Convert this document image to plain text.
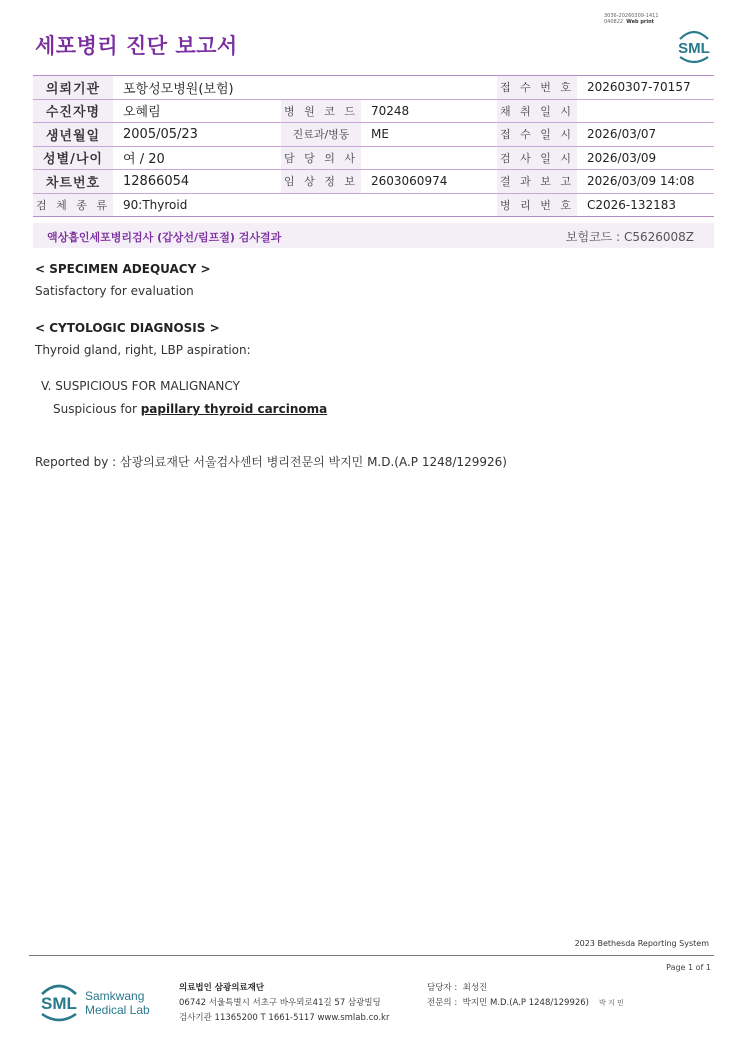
세포병리 진단 보고서
3036-20260309-1411
040822 Web print
SML
의뢰기관	포항성모병원(보험)			접 수 번 호	20260307-70157
수진자명	오혜림	병 원 코 드	70248	채 취 일 시	
생년월일	2005/05/23	진료과/병동	ME	접 수 일 시	2026/03/07
성별/나이	여 / 20	담 당 의 사		검 사 일 시	2026/03/09
차트번호	12866054	임 상 정 보	2603060974	결 과 보 고	2026/03/09 14:08
검 체 종 류	90:Thyroid			병 리 번 호	C2026-132183
액상흡인세포병리검사 (갑상선/림프절) 검사결과	보험코드 : C5626008Z
< SPECIMEN ADEQUACY >
Satisfactory for evaluation
< CYTOLOGIC DIAGNOSIS >
Thyroid gland, right, LBP aspiration:
V. SUSPICIOUS FOR MALIGNANCY
Suspicious for papillary thyroid carcinoma
Reported by : 삼광의료재단 서울검사센터 병리전문의 박지민 M.D.(A.P 1248/129926)
2023 Bethesda Reporting System
Page 1 of 1
SML Samkwang
Medical Lab
의료법인 삼광의료재단
06742 서울특별시 서초구 바우뫼로41길 57 삼광빌딩
검사기관 11365200 T 1661-5117 www.smlab.co.kr
담당자 : 최성진
전문의 : 박지민 M.D.(A.P 1248/129926) 박 지 민
